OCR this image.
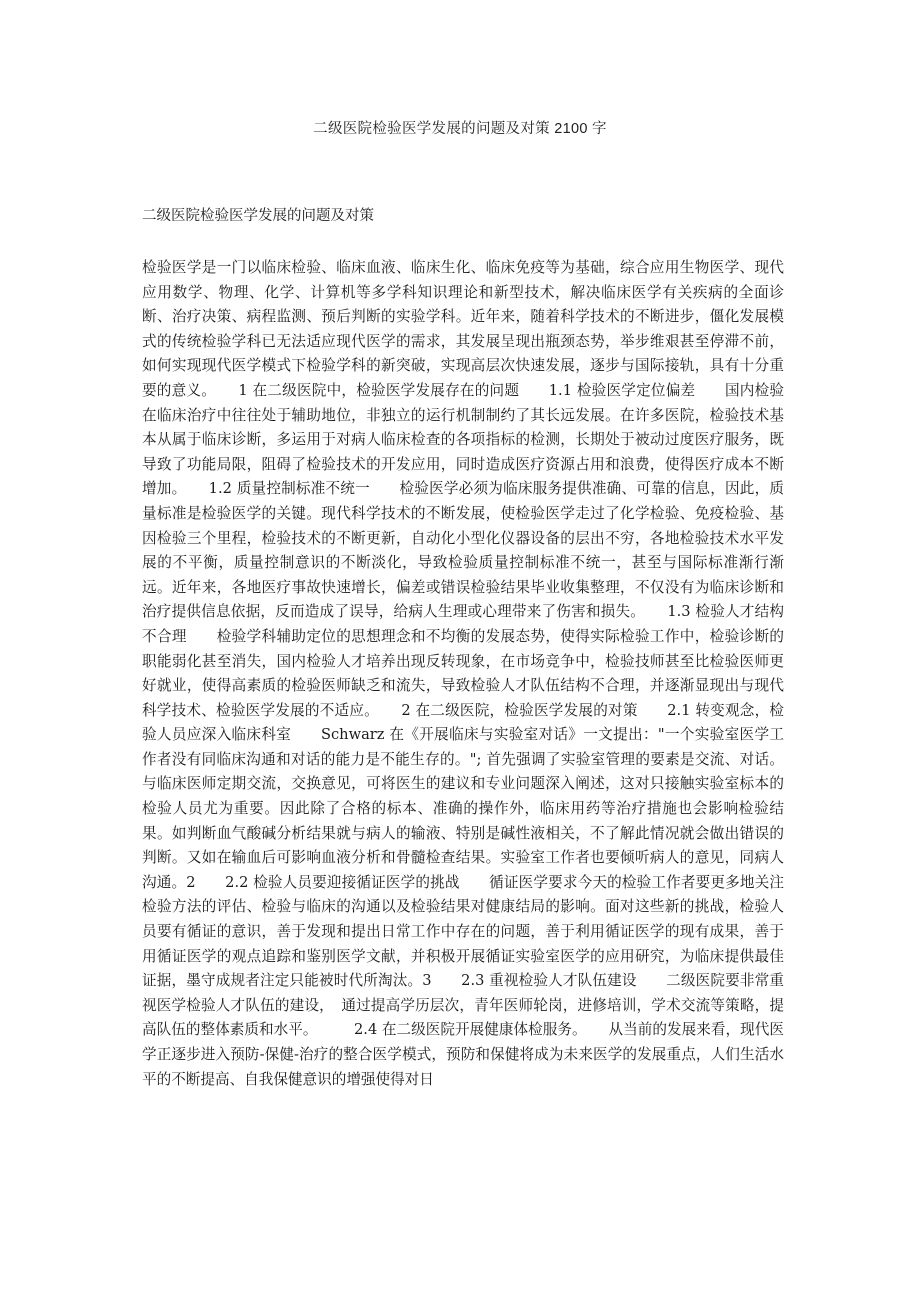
二级医院检验医学发展的问题及对策 2100 字
二级医院检验医学发展的问题及对策

检验医学是一门以临床检验、临床血液、临床生化、临床免疫等为基础，综合应用生物医学、现代应用数学、物理、化学、计算机等多学科知识理论和新型技术，解决临床医学有关疾病的全面诊断、治疗决策、病程监测、预后判断的实验学科。近年来，随着科学技术的不断进步，僵化发展模式的传统检验学科已无法适应现代医学的需求，其发展呈现出瓶颈态势，举步维艰甚至停滞不前，如何实现现代医学模式下检验学科的新突破，实现高层次快速发展，逐步与国际接轨，具有十分重要的意义。　　1 在二级医院中，检验医学发展存在的问题　　1.1 检验医学定位偏差　　国内检验在临床治疗中往往处于辅助地位，非独立的运行机制制约了其长远发展。在许多医院，检验技术基本从属于临床诊断，多运用于对病人临床检查的各项指标的检测，长期处于被动过度医疗服务，既导致了功能局限，阻碍了检验技术的开发应用，同时造成医疗资源占用和浪费，使得医疗成本不断增加。　　1.2 质量控制标准不统一　　检验医学必须为临床服务提供准确、可靠的信息，因此，质量标准是检验医学的关键。现代科学技术的不断发展，使检验医学走过了化学检验、免疫检验、基因检验三个里程，检验技术的不断更新，自动化小型化仪器设备的层出不穷，各地检验技术水平发展的不平衡，质量控制意识的不断淡化，导致检验质量控制标准不统一，甚至与国际标准渐行渐远。近年来，各地医疗事故快速增长，偏差或错误检验结果毕业收集整理，不仅没有为临床诊断和治疗提供信息依据，反而造成了误导，给病人生理或心理带来了伤害和损失。　　1.3 检验人才结构不合理　　检验学科辅助定位的思想理念和不均衡的发展态势，使得实际检验工作中，检验诊断的职能弱化甚至消失，国内检验人才培养出现反转现象，在市场竞争中，检验技师甚至比检验医师更好就业，使得高素质的检验医师缺乏和流失，导致检验人才队伍结构不合理，并逐渐显现出与现代科学技术、检验医学发展的不适应。　　2 在二级医院，检验医学发展的对策　　2.1 转变观念，检验人员应深入临床科室　　Schwarz 在《开展临床与实验室对话》一文提出："一个实验室医学工作者没有同临床沟通和对话的能力是不能生存的。"; 首先强调了实验室管理的要素是交流、对话。与临床医师定期交流，交换意见，可将医生的建议和专业问题深入阐述，这对只接触实验室标本的检验人员尤为重要。因此除了合格的标本、准确的操作外，临床用药等治疗措施也会影响检验结果。如判断血气酸碱分析结果就与病人的输液、特别是碱性液相关，不了解此情况就会做出错误的判断。又如在输血后可影响血液分析和骨髓检查结果。实验室工作者也要倾听病人的意见，同病人沟通。2　　2.2 检验人员要迎接循证医学的挑战　　循证医学要求今天的检验工作者要更多地关注检验方法的评估、检验与临床的沟通以及检验结果对健康结局的影响。面对这些新的挑战，检验人员要有循证的意识，善于发现和提出日常工作中存在的问题，善于利用循证医学的现有成果，善于用循证医学的观点追踪和鉴别医学文献，并积极开展循证实验室医学的应用研究，为临床提供最佳证据，墨守成规者注定只能被时代所淘汰。3　　2.3 重视检验人才队伍建设　　二级医院要非常重视医学检验人才队伍的建设，　通过提高学历层次，青年医师轮岗，进修培训，学术交流等策略，提高队伍的整体素质和水平。　　　2.4 在二级医院开展健康体检服务。　　从当前的发展来看，现代医学正逐步进入预防-保健-治疗的整合医学模式，预防和保健将成为未来医学的发展重点，人们生活水平的不断提高、自我保健意识的增强使得对日
